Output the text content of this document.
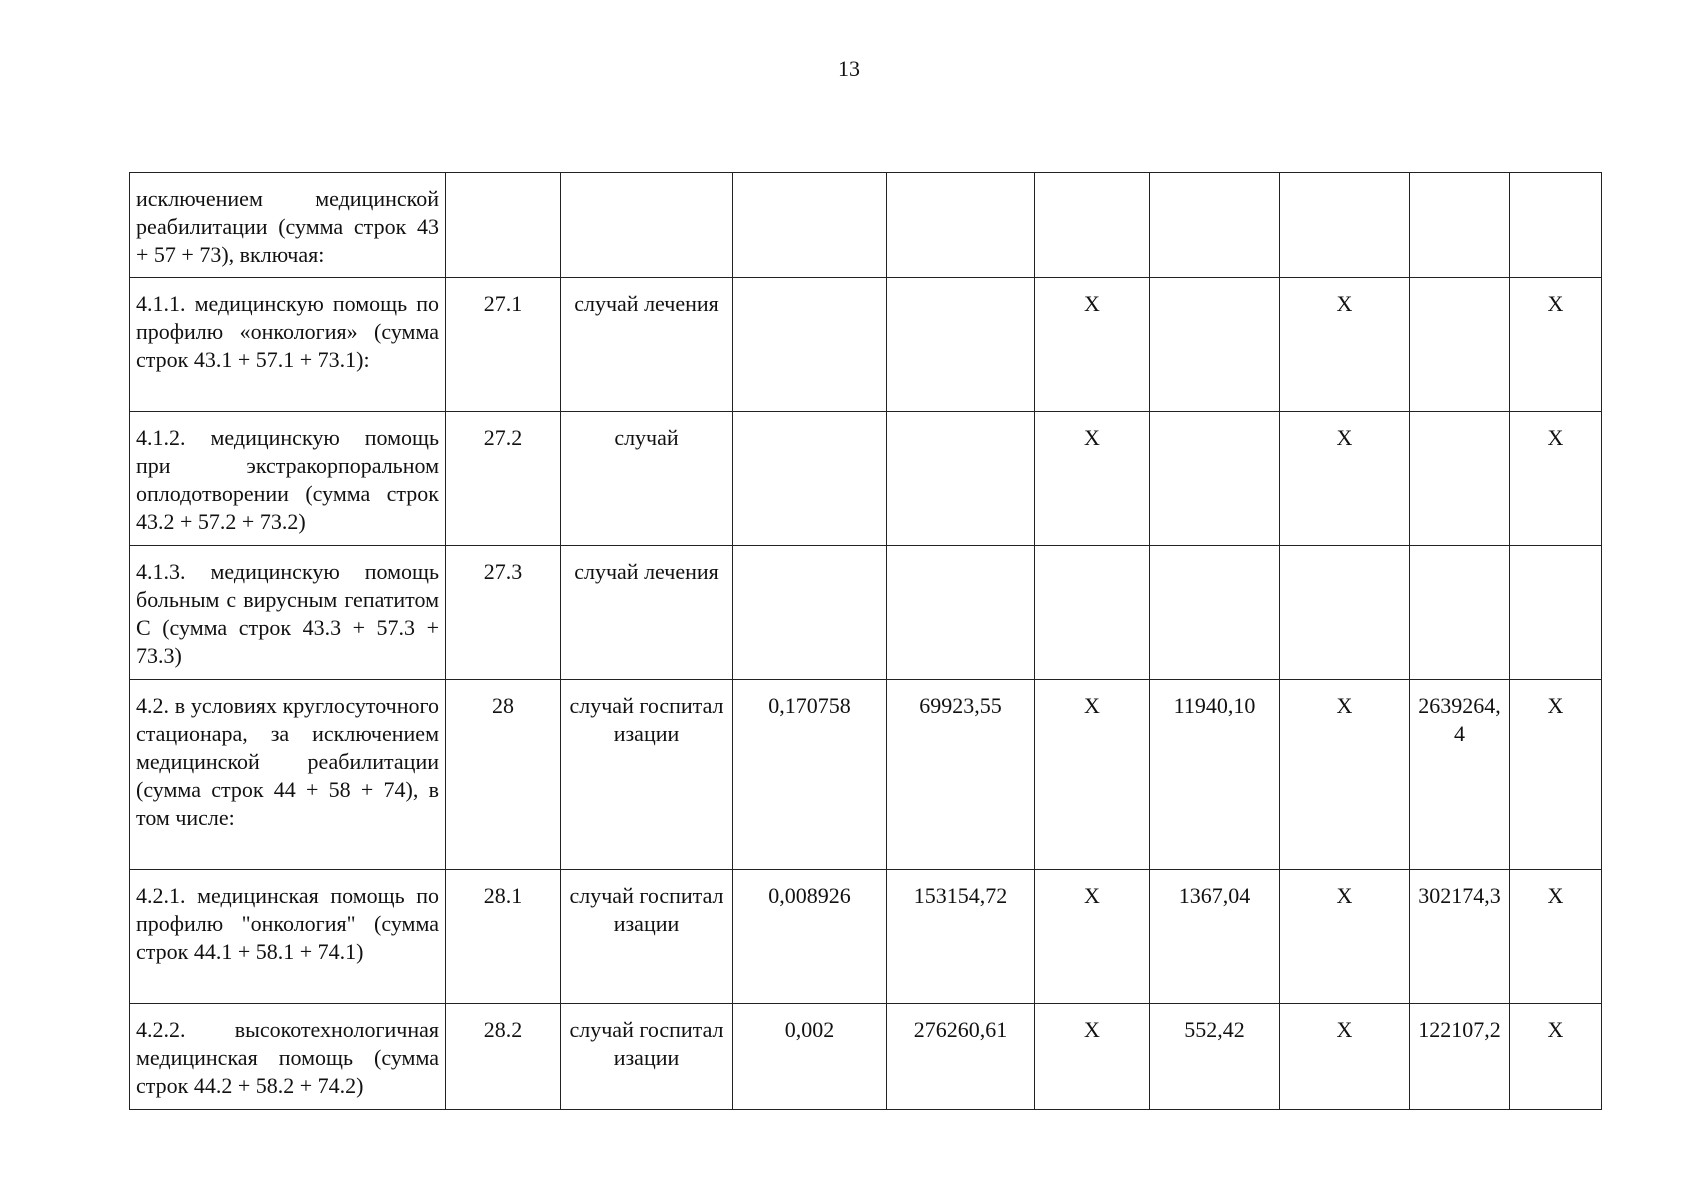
13
исключением медицинской реабилитации (сумма строк 43 + 57 + 73), включая:									
4.1.1. медицинскую помощь по профилю «онкология» (сумма строк 43.1 + 57.1 + 73.1):	27.1	случай лечения			Х		Х		Х
4.1.2. медицинскую помощь при экстракорпоральном оплодотворении (сумма строк 43.2 + 57.2 + 73.2)	27.2	случай			Х		Х		Х
4.1.3. медицинскую помощь больным с вирусным гепатитом С (сумма строк 43.3 + 57.3 + 73.3)	27.3	случай лечения							
4.2. в условиях круглосуточного стационара, за исключением медицинской реабилитации (сумма строк 44 + 58 + 74), в том числе:	28	случай госпитализации	0,170758	69923,55	Х	11940,10	Х	2639264,4	Х
4.2.1. медицинская помощь по профилю "онкология" (сумма строк 44.1 + 58.1 + 74.1)	28.1	случай госпитализации	0,008926	153154,72	Х	1367,04	Х	302174,3	Х
4.2.2. высокотехнологичная медицинская помощь (сумма строк 44.2 + 58.2 + 74.2)	28.2	случай госпитализации	0,002	276260,61	Х	552,42	Х	122107,2	Х
